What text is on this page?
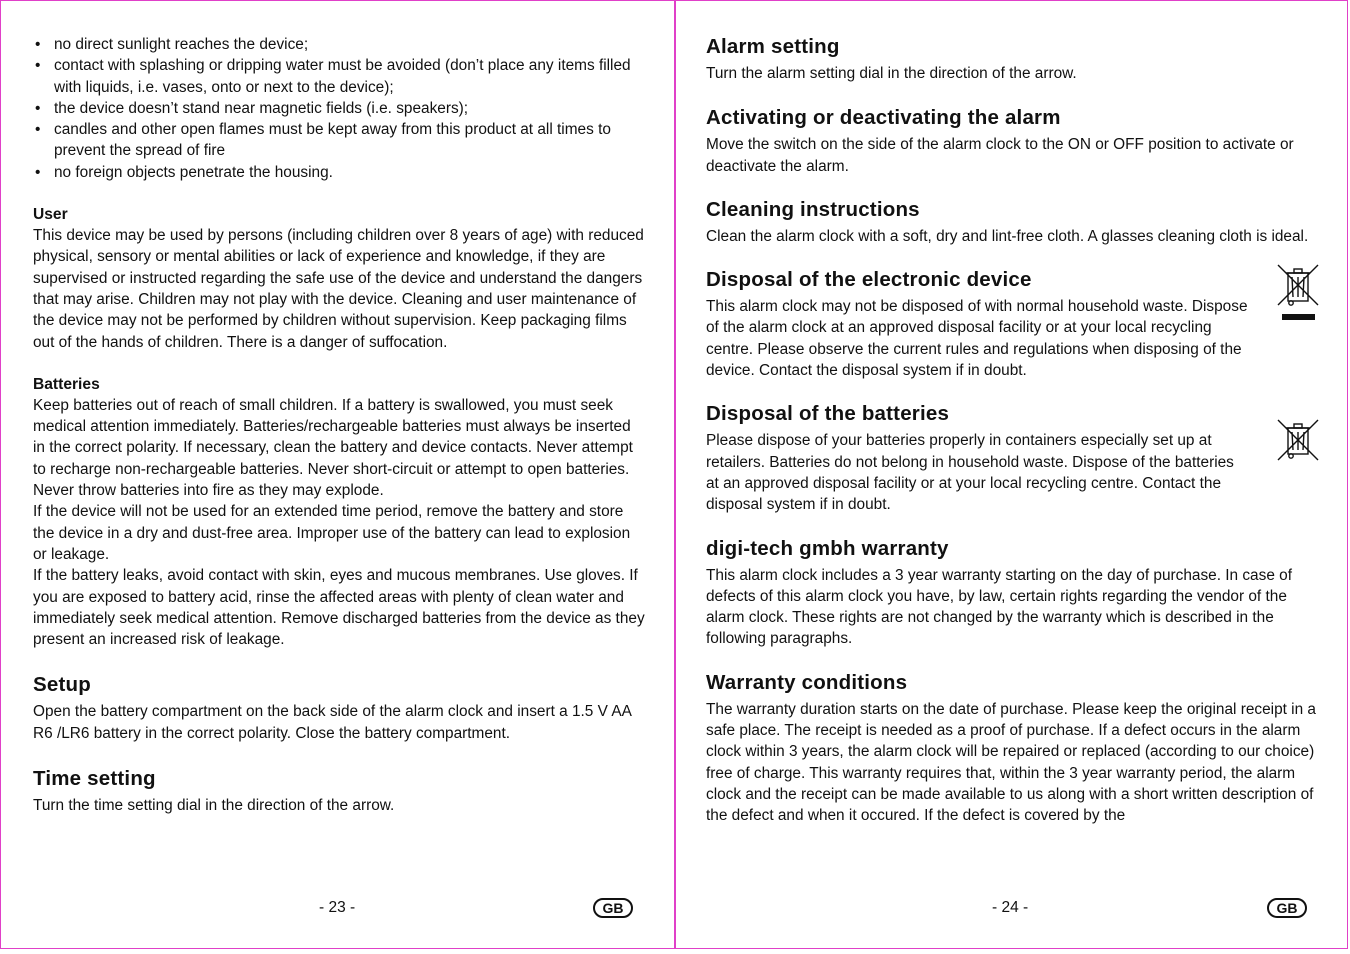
• no direct sunlight reaches the device;
• contact with splashing or dripping water must be avoided (don’t place any items filled with liquids, i.e. vases, onto or next to the device);
• the device doesn’t stand near magnetic fields (i.e. speakers);
• candles and other open flames must be kept away from this product at all times to prevent the spread of fire
• no foreign objects penetrate the housing.
User

This device may be used by persons (including children over 8 years of age) with reduced physical, sensory or mental abilities or lack of experience and knowledge, if they are supervised or instructed regarding the safe use of the device and understand the dangers that may arise. Children may not play with the device. Cleaning and user maintenance of the device may not be performed by children without supervision. Keep packaging films out of the hands of children. There is a danger of suffocation.

Batteries

Keep batteries out of reach of small children. If a battery is swallowed, you must seek medical attention immediately. Batteries/rechargeable batteries must always be inserted in the correct polarity. If necessary, clean the battery and device contacts. Never attempt to recharge non-rechargeable batteries. Never short-circuit or attempt to open batteries. Never throw batteries into fire as they may explode.

If the device will not be used for an extended time period, remove the battery and store the device in a dry and dust-free area. Improper use of the battery can lead to explosion or leakage.

If the battery leaks, avoid contact with skin, eyes and mucous membranes. Use gloves. If you are exposed to battery acid, rinse the affected areas with plenty of clean water and immediately seek medical attention. Remove discharged batteries from the device as they present an increased risk of leakage.

Setup

Open the battery compartment on the back side of the alarm clock and insert a 1.5 V AA R6 /LR6 battery in the correct polarity. Close the battery compartment.

Time setting

Turn the time setting dial in the direction of the arrow.

- 23 -	GB
Alarm setting

Turn the alarm setting dial in the direction of the arrow.

Activating or deactivating the alarm

Move the switch on the side of the alarm clock to the ON or OFF position to activate or deactivate the alarm.

Cleaning instructions

Clean the alarm clock with a soft, dry and lint-free cloth. A glasses cleaning cloth is ideal.

Disposal of the electronic device

This alarm clock may not be disposed of with normal household waste. Dispose of the alarm clock at an approved disposal facility or at your local recycling centre. Please observe the current rules and regulations when disposing of the device. Contact the disposal system if in doubt.

Disposal of the batteries

Please dispose of your batteries properly in containers especially set up at retailers. Batteries do not belong in household waste. Dispose of the batteries at an approved disposal facility or at your local recycling centre. Contact the disposal system if in doubt.

digi-tech gmbh warranty

This alarm clock includes a 3 year warranty starting on the day of purchase. In case of defects of this alarm clock you have, by law, certain rights regarding the vendor of the alarm clock. These rights are not changed by the warranty which is described in the following paragraphs.

Warranty conditions

The warranty duration starts on the date of purchase. Please keep the original receipt in a safe place. The receipt is needed as a proof of purchase. If a defect occurs in the alarm clock within 3 years, the alarm clock will be repaired or replaced (according to our choice) free of charge. This warranty requires that, within the 3 year warranty period, the alarm clock and the receipt can be made available to us along with a short written description of the defect and when it occured. If the defect is covered by the

- 24 -	GB
